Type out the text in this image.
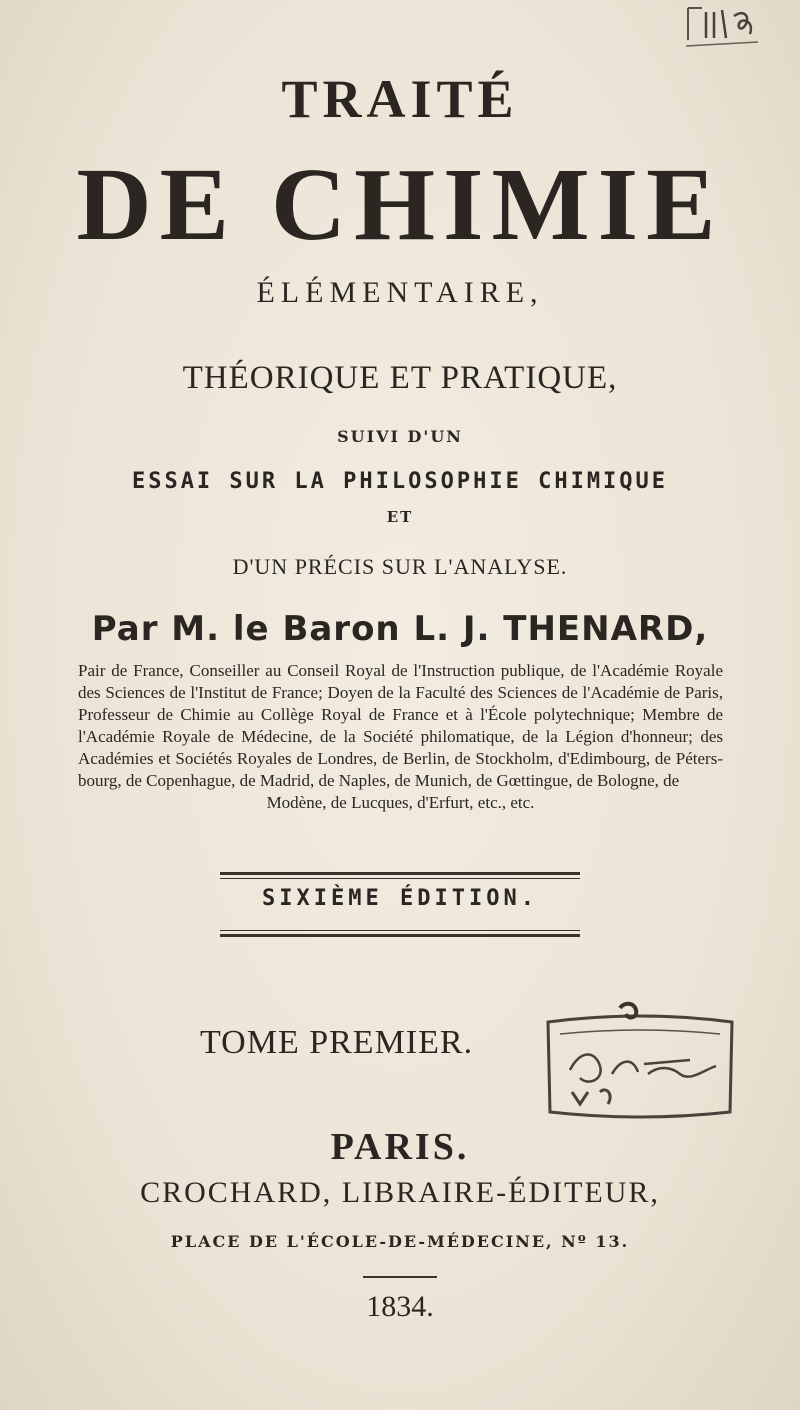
TRAITÉ
DE CHIMIE
ÉLÉMENTAIRE,
THÉORIQUE ET PRATIQUE,
SUIVI D'UN
ESSAI SUR LA PHILOSOPHIE CHIMIQUE
ET
D'UN PRÉCIS SUR L'ANALYSE.
Par M. le Baron L. J. THENARD,
Pair de France, Conseiller au Conseil Royal de l'Instruction publique, de l'Académie Royale des Sciences de l'Institut de France; Doyen de la Faculté des Sciences de l'Académie de Paris, Professeur de Chimie au Collège Royal de France et à l'École polytechnique; Membre de l'Académie Royale de Médecine, de la Société philomatique, de la Légion d'honneur; des Académies et Sociétés Royales de Londres, de Berlin, de Stockholm, d'Edimbourg, de Péters-bourg, de Copenhague, de Madrid, de Naples, de Munich, de Gœttingue, de Bologne, de
Modène, de Lucques, d'Erfurt, etc., etc.
SIXIÈME ÉDITION.
TOME PREMIER.
PARIS.
CROCHARD, LIBRAIRE-ÉDITEUR,
PLACE DE L'ÉCOLE-DE-MÉDECINE, Nº 13.
1834.
